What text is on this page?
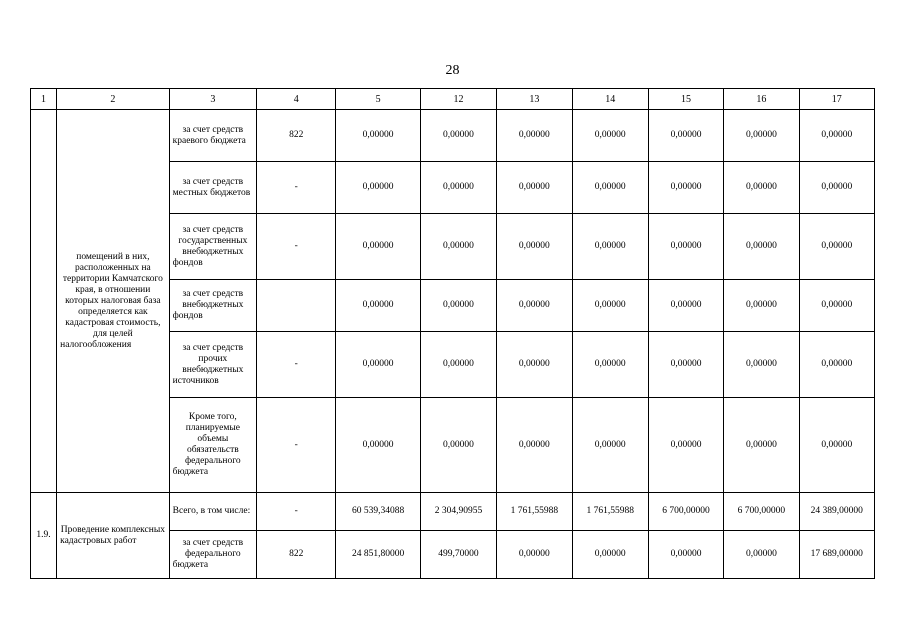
28
1	2	3	4	5	12	13	14	15	16	17
	помещений в них, расположенных на территории Камчатского края, в отношении которых налоговая база определяется как кадастровая стоимость, для целей налогообложения	за счет средств краевого бюджета	822	0,00000	0,00000	0,00000	0,00000	0,00000	0,00000	0,00000
		за счет средств местных бюджетов	-	0,00000	0,00000	0,00000	0,00000	0,00000	0,00000	0,00000
		за счет средств государственных внебюджетных фондов	-	0,00000	0,00000	0,00000	0,00000	0,00000	0,00000	0,00000
		за счет средств внебюджетных фондов		0,00000	0,00000	0,00000	0,00000	0,00000	0,00000	0,00000
		за счет средств прочих внебюджетных источников	-	0,00000	0,00000	0,00000	0,00000	0,00000	0,00000	0,00000
		Кроме того, планируемые объемы обязательств федерального бюджета	-	0,00000	0,00000	0,00000	0,00000	0,00000	0,00000	0,00000
1.9.	Проведение комплексных кадастровых работ	Всего, в том числе:	-	60 539,34088	2 304,90955	1 761,55988	1 761,55988	6 700,00000	6 700,00000	24 389,00000
		за счет средств федерального бюджета	822	24 851,80000	499,70000	0,00000	0,00000	0,00000	0,00000	17 689,00000
